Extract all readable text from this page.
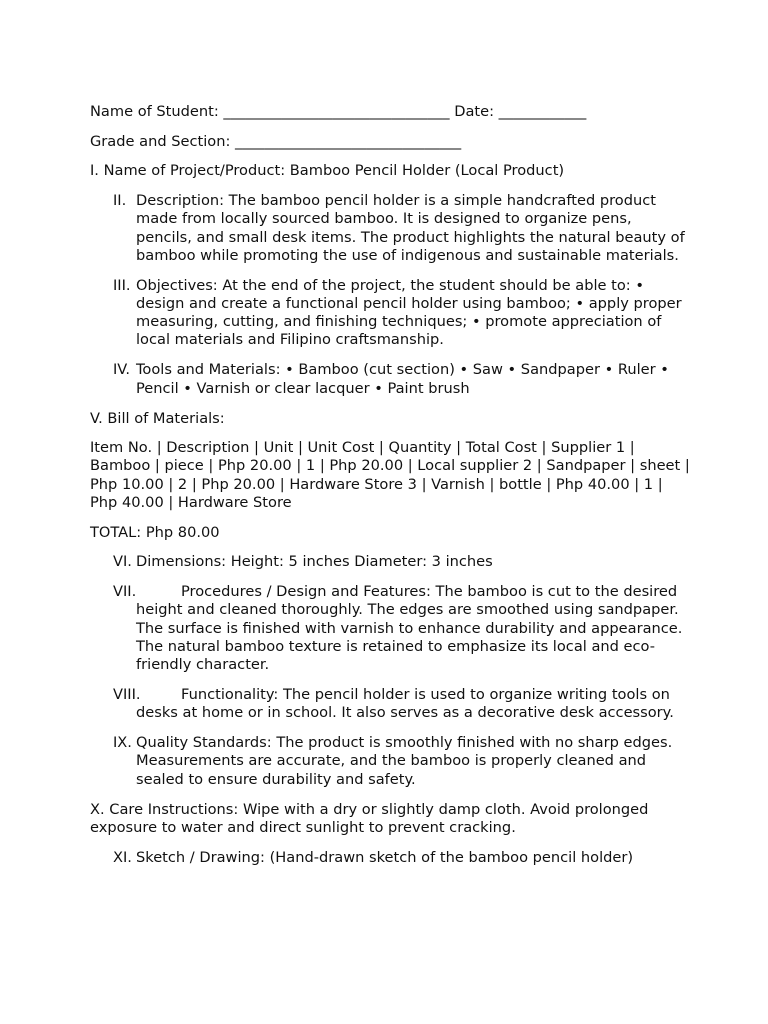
Name of Student: _______________________________ Date: ____________

Grade and Section: _______________________________

I. Name of Project/Product: Bamboo Pencil Holder (Local Product)

II. Description: The bamboo pencil holder is a simple handcrafted product made from locally sourced bamboo. It is designed to organize pens, pencils, and small desk items. The product highlights the natural beauty of bamboo while promoting the use of indigenous and sustainable materials.
III. Objectives: At the end of the project, the student should be able to: • design and create a functional pencil holder using bamboo; • apply proper measuring, cutting, and finishing techniques; • promote appreciation of local materials and Filipino craftsmanship.
IV. Tools and Materials: • Bamboo (cut section) • Saw • Sandpaper • Ruler • Pencil • Varnish or clear lacquer • Paint brush

V. Bill of Materials:

Item No. | Description | Unit | Unit Cost | Quantity | Total Cost | Supplier 1 | Bamboo | piece | Php 20.00 | 1 | Php 20.00 | Local supplier 2 | Sandpaper | sheet | Php 10.00 | 2 | Php 20.00 | Hardware Store 3 | Varnish | bottle | Php 40.00 | 1 | Php 40.00 | Hardware Store

TOTAL: Php 80.00

VI. Dimensions: Height: 5 inches Diameter: 3 inches
VII.	Procedures / Design and Features: The bamboo is cut to the desired height and cleaned thoroughly. The edges are smoothed using sandpaper. The surface is finished with varnish to enhance durability and appearance. The natural bamboo texture is retained to emphasize its local and eco-friendly character.
VIII.	Functionality: The pencil holder is used to organize writing tools on desks at home or in school. It also serves as a decorative desk accessory.
IX. Quality Standards: The product is smoothly finished with no sharp edges. Measurements are accurate, and the bamboo is properly cleaned and sealed to ensure durability and safety.

X. Care Instructions: Wipe with a dry or slightly damp cloth. Avoid prolonged exposure to water and direct sunlight to prevent cracking.

XI. Sketch / Drawing: (Hand-drawn sketch of the bamboo pencil holder)
